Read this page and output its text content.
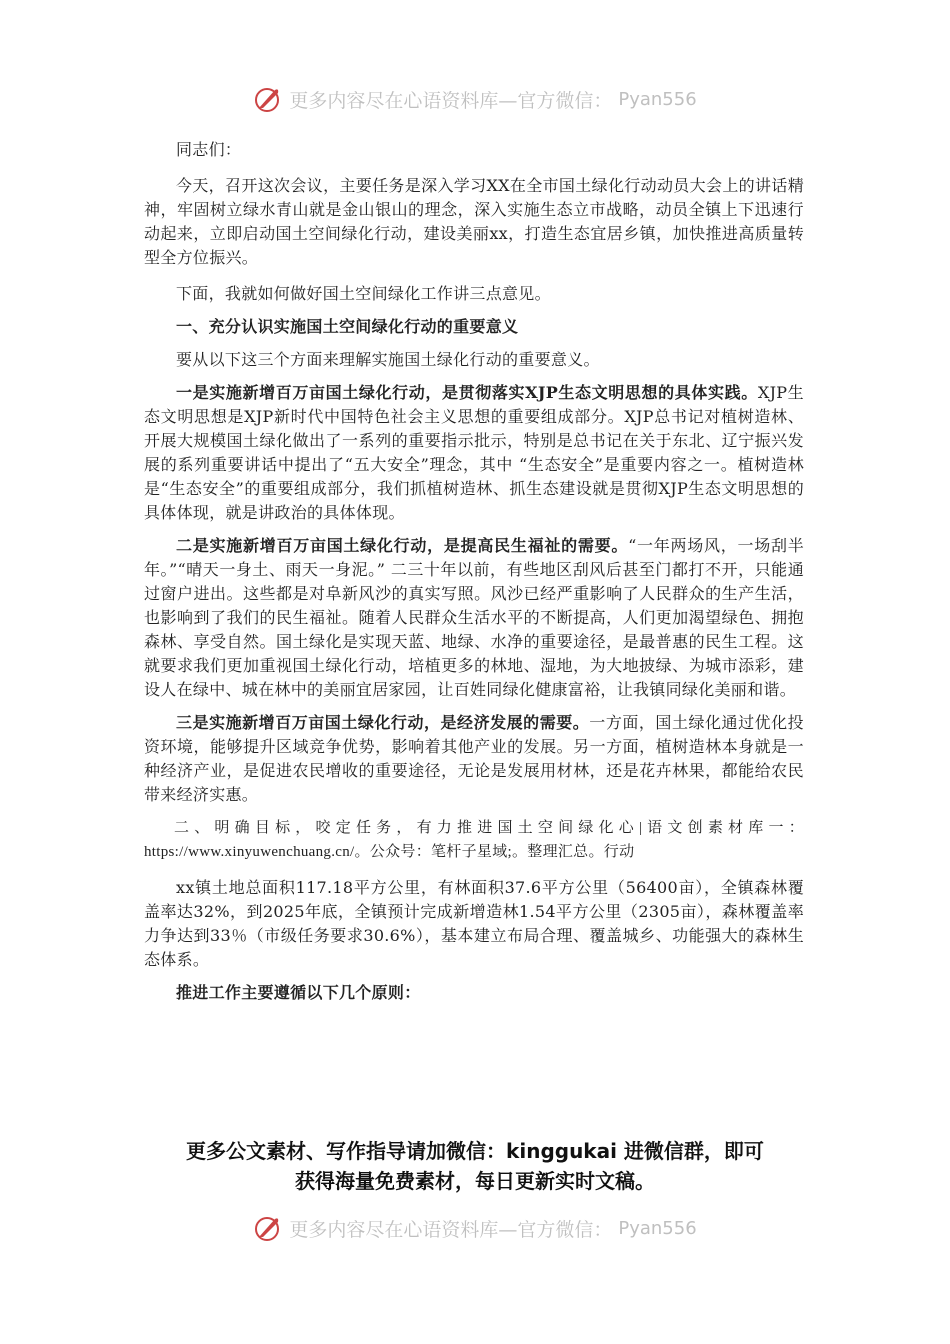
更多内容尽在心语资料库—官方微信： Pyan556

同志们：

今天，召开这次会议，主要任务是深入学习XX在全市国土绿化行动动员大会上的讲话精神，牢固树立绿水青山就是金山银山的理念，深入实施生态立市战略，动员全镇上下迅速行动起来，立即启动国土空间绿化行动，建设美丽xx，打造生态宜居乡镇，加快推进高质量转型全方位振兴。

下面，我就如何做好国土空间绿化工作讲三点意见。

一、充分认识实施国土空间绿化行动的重要意义

要从以下这三个方面来理解实施国土绿化行动的重要意义。

一是实施新增百万亩国土绿化行动，是贯彻落实XJP生态文明思想的具体实践。XJP生态文明思想是XJP新时代中国特色社会主义思想的重要组成部分。XJP总书记对植树造林、开展大规模国土绿化做出了一系列的重要指示批示，特别是总书记在关于东北、辽宁振兴发展的系列重要讲话中提出了“五大安全”理念，其中 “生态安全”是重要内容之一。植树造林是“生态安全”的重要组成部分，我们抓植树造林、抓生态建设就是贯彻XJP生态文明思想的具体体现，就是讲政治的具体体现。

二是实施新增百万亩国土绿化行动，是提高民生福祉的需要。“一年两场风，一场刮半年。”“晴天一身土、雨天一身泥。” 二三十年以前，有些地区刮风后甚至门都打不开，只能通过窗户进出。这些都是对阜新风沙的真实写照。风沙已经严重影响了人民群众的生产生活，也影响到了我们的民生福祉。随着人民群众生活水平的不断提高，人们更加渴望绿色、拥抱森林、享受自然。国土绿化是实现天蓝、地绿、水净的重要途径，是最普惠的民生工程。这就要求我们更加重视国土绿化行动，培植更多的林地、湿地，为大地披绿、为城市添彩，建设人在绿中、城在林中的美丽宜居家园，让百姓同绿化健康富裕，让我镇同绿化美丽和谐。

三是实施新增百万亩国土绿化行动，是经济发展的需要。一方面，国土绿化通过优化投资环境，能够提升区域竞争优势，影响着其他产业的发展。另一方面，植树造林本身就是一种经济产业，是促进农民增收的重要途径，无论是发展用材林，还是花卉林果，都能给农民带来经济实惠。

二、明确目标，咬定任务，有力推进国土空间绿化心|语文创素材库一：https://www.xinyuwenchuang.cn/。公众号：笔杆子星域;。整理汇总。行动

xx镇土地总面积117.18平方公里，有林面积37.6平方公里（56400亩），全镇森林覆盖率达32%，到2025年底，全镇预计完成新增造林1.54平方公里（2305亩），森林覆盖率力争达到33％（市级任务要求30.6%），基本建立布局合理、覆盖城乡、功能强大的森林生态体系。

推进工作主要遵循以下几个原则：

更多公文素材、写作指导请加微信：kinggukai 进微信群，即可
获得海量免费素材，每日更新实时文稿。
更多内容尽在心语资料库—官方微信： Pyan556
